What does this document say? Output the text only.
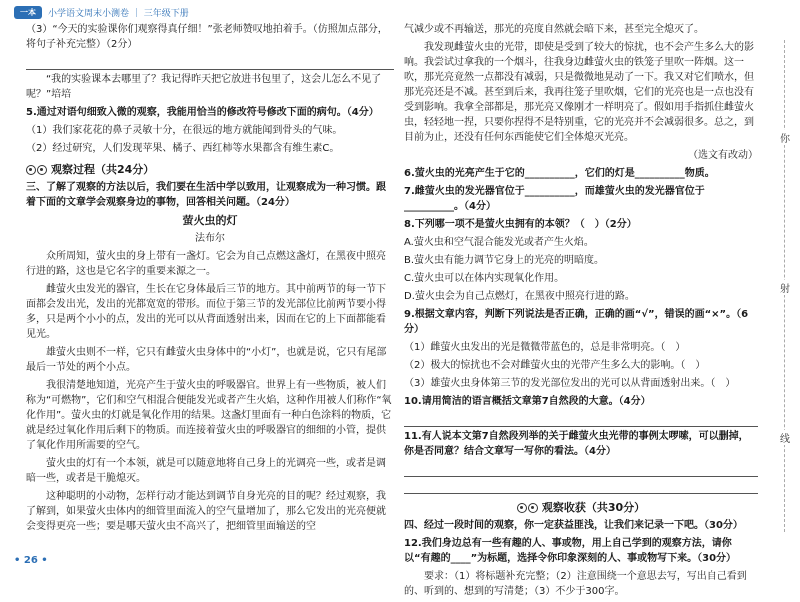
一本	小学语文周末小测卷 ｜ 三年级下册

（3）“今天的实验课你们观察得真仔细！”张老师赞叹地拍着手。（仿照加点部分，将句子补充完整）（2分）

“我的实验课本去哪里了？我记得昨天把它放进书包里了，这会儿怎么不见了呢？”培培

5.通过对语句细致入微的观察，我能用恰当的修改符号修改下面的病句。（4分）

（1）我们家花花的鼻子灵敏十分，在很远的地方就能闻到骨头的气味。

（2）经过研究，人们发现苹果、橘子、西红柿等水果都含有维生素C。

观察过程（共24分）

三、了解了观察的方法以后，我们要在生活中学以致用，让观察成为一种习惯。跟着下面的文章学会观察身边的事物，回答相关问题。（24分）

萤火虫的灯

法布尔

众所周知，萤火虫的身上带有一盏灯。它会为自己点燃这盏灯，在黑夜中照亮行进的路，这也是它名字的重要来源之一。

雌萤火虫发光的器官，生长在它身体最后三节的地方。其中前两节的每一节下面都会发出光，发出的光都宽宽的带形。而位于第三节的发光部位比前两节要小得多，只是两个小小的点，发出的光可以从背面透射出来，因而在它的上下面都能看见光。

雄萤火虫则不一样，它只有雌萤火虫身体中的“小灯”，也就是说，它只有尾部最后一节处的两个小点。

我很清楚地知道，光亮产生于萤火虫的呼吸器官。世界上有一些物质，被人们称为“可燃物”，它们和空气相混合便能发光或者产生火焰，这种作用被人们称作“氧化作用”。萤火虫的灯就是氧化作用的结果。这盏灯里面有一种白色涂料的物质，它就是经过氧化作用后剩下的物质。而连接着萤火虫的呼吸器官的细细的小管，提供了氧化作用所需要的空气。

萤火虫的灯有一个本领，就是可以随意地将自己身上的光调亮一些，或者是调暗一些，或者是干脆熄灭。

这种聪明的小动物，怎样行动才能达到调节自身光亮的目的呢？经过观察，我了解到，如果萤火虫体内的细管里面流入的空气量增加了，那么它发出的光亮便就会变得更亮一些；要是哪天萤火虫不高兴了，把细管里面输送的空

气减少或不再输送，那光的亮度自然就会暗下来，甚至完全熄灭了。

我发现雌萤火虫的光带，即使是受到了较大的惊扰，也不会产生多么大的影响。我尝试过拿我的一个烟斗，往我身边雌萤火虫的铁笼子里吹一阵烟。这一吹，那光亮竟然一点都没有减弱，只是微微地晃动了一下。我又对它们喷水，但那光亮还是不减。甚至到后来，我再往笼子里吹烟，它们的光亮也是一点也没有受到影响。我拿全部都是，那光亮又像刚才一样明亮了。假如用手指抓住雌萤火虫，轻轻地一捏，只要你捏得不是特别重，它的光亮并不会减弱很多。总之，到目前为止，还没有任何东西能使它们全体熄灭光亮。

（选文有改动）

6.萤火虫的光亮产生于它的__________，它们的灯是__________物质。

7.雌萤火虫的发光器官位于__________，而雄萤火虫的发光器官位于__________。（4分）

8.下列哪一项不是萤火虫拥有的本领？（　）（2分）

A.萤火虫和空气混合能发光或者产生火焰。

B.萤火虫有能力调节它身上的光亮的明暗度。

C.萤火虫可以在体内实现氧化作用。

D.萤火虫会为自己点燃灯，在黑夜中照亮行进的路。

9.根据文章内容，判断下列说法是否正确，正确的画“√”，错误的画“×”。（6分）

（1）雌萤火虫发出的光是微微带蓝色的，总是非常明亮。（　）

（2）极大的惊扰也不会对雌萤火虫的光带产生多么大的影响。（　）

（3）雄萤火虫身体第三节的发光部位发出的光可以从背面透射出来。（　）

10.请用简洁的语言概括文章第7自然段的大意。（4分）

11.有人说本文第7自然段列举的关于雌萤火虫光带的事例太啰嗦，可以删掉，你是否同意？结合文章写一写你的看法。（4分）

观察收获（共30分）

四、经过一段时间的观察，你一定获益匪浅，让我们来记录一下吧。（30分）

12.我们身边总有一些有趣的人、事或物，用上自己学到的观察方法，请你以“有趣的____”为标题，选择令你印象深刻的人、事或物写下来。（30分）

要求：（1）将标题补充完整；（2）注意围绕一个意思去写，写出自己看到的、听到的、想到的写清楚；（3）不少于300字。

你
射
线
• 26 •
